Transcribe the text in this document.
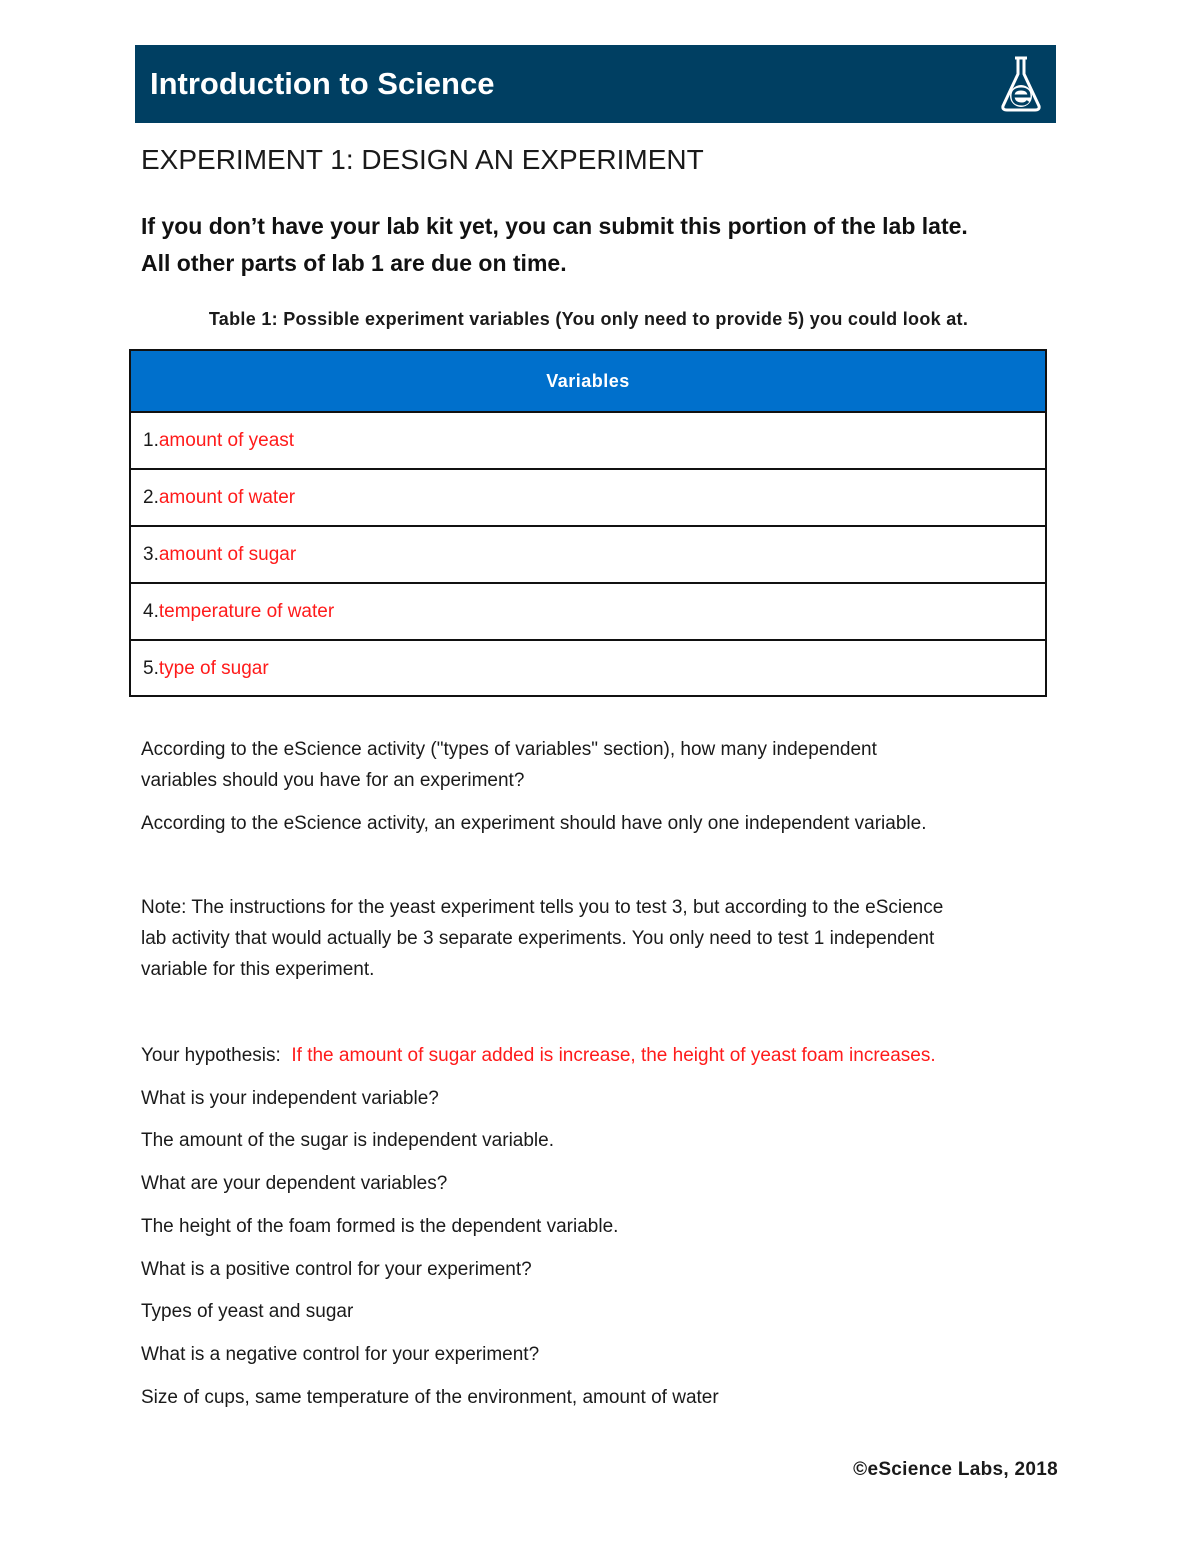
Introduction to Science
EXPERIMENT 1: DESIGN AN EXPERIMENT
If you don’t have your lab kit yet, you can submit this portion of the lab late.
All other parts of lab 1 are due on time.
Table 1: Possible experiment variables (You only need to provide 5) you could look at.
Variables
1.amount of yeast
2.amount of water
3.amount of sugar
4.temperature of water
5.type of sugar
According to the eScience activity ("types of variables" section), how many independent
variables should you have for an experiment?
According to the eScience activity, an experiment should have only one independent variable.
Note: The instructions for the yeast experiment tells you to test 3, but according to the eScience
lab activity that would actually be 3 separate experiments. You only need to test 1 independent
variable for this experiment.
Your hypothesis: If the amount of sugar added is increase, the height of yeast foam increases.
What is your independent variable?
The amount of the sugar is independent variable.
What are your dependent variables?
The height of the foam formed is the dependent variable.
What is a positive control for your experiment?
Types of yeast and sugar
What is a negative control for your experiment?
Size of cups, same temperature of the environment, amount of water
©eScience Labs, 2018
